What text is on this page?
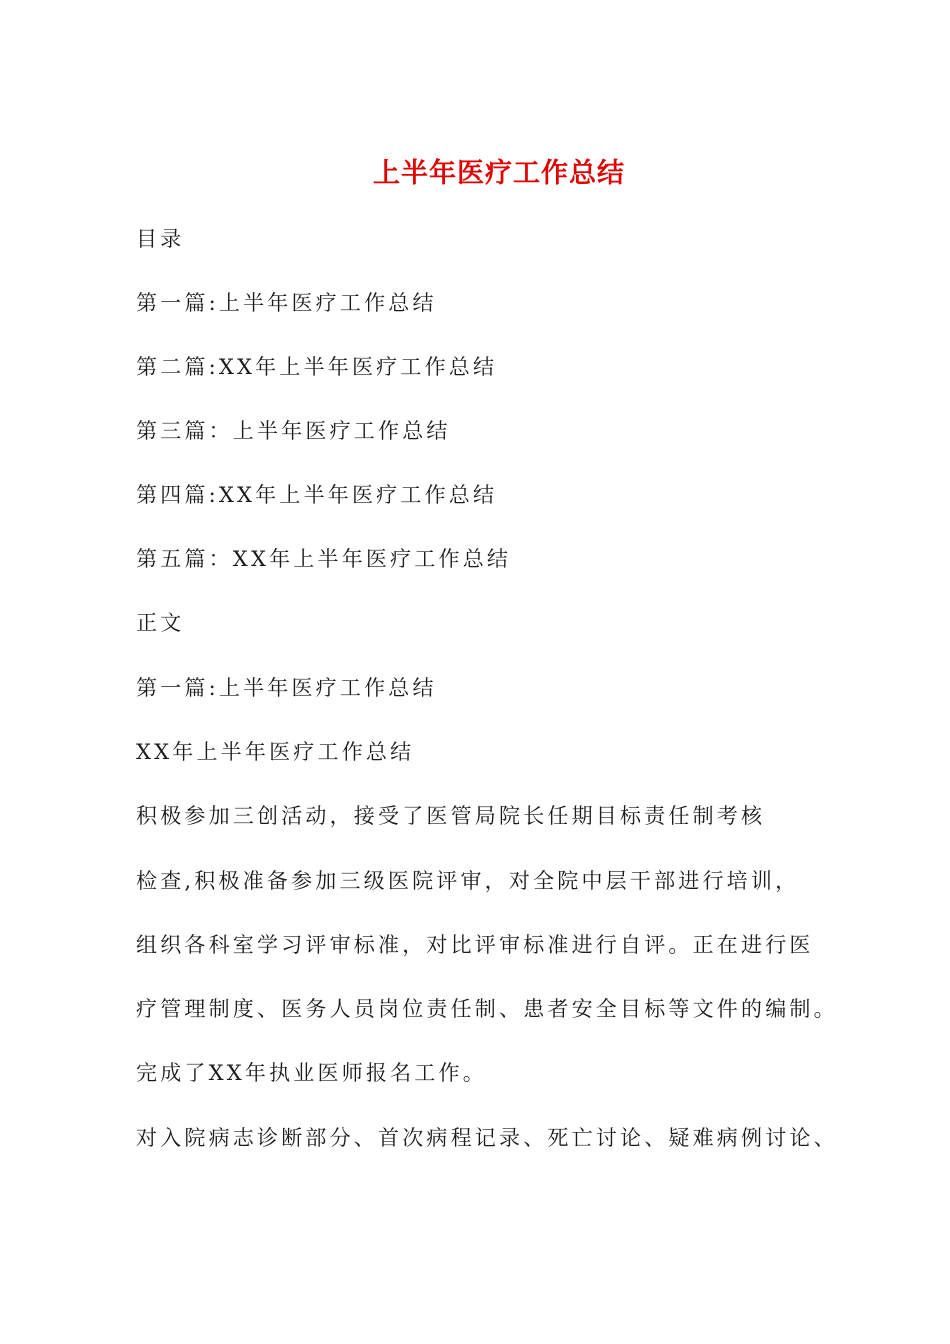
上半年医疗工作总结
目录
第一篇:上半年医疗工作总结
第二篇:XX年上半年医疗工作总结
第三篇：上半年医疗工作总结
第四篇:XX年上半年医疗工作总结
第五篇：XX年上半年医疗工作总结
正文
第一篇:上半年医疗工作总结
XX年上半年医疗工作总结
积极参加三创活动，接受了医管局院长任期目标责任制考核
检查,积极准备参加三级医院评审，对全院中层干部进行培训，
组织各科室学习评审标准，对比评审标准进行自评。正在进行医
疗管理制度、医务人员岗位责任制、患者安全目标等文件的编制。
完成了XX年执业医师报名工作。
对入院病志诊断部分、首次病程记录、死亡讨论、疑难病例讨论、
